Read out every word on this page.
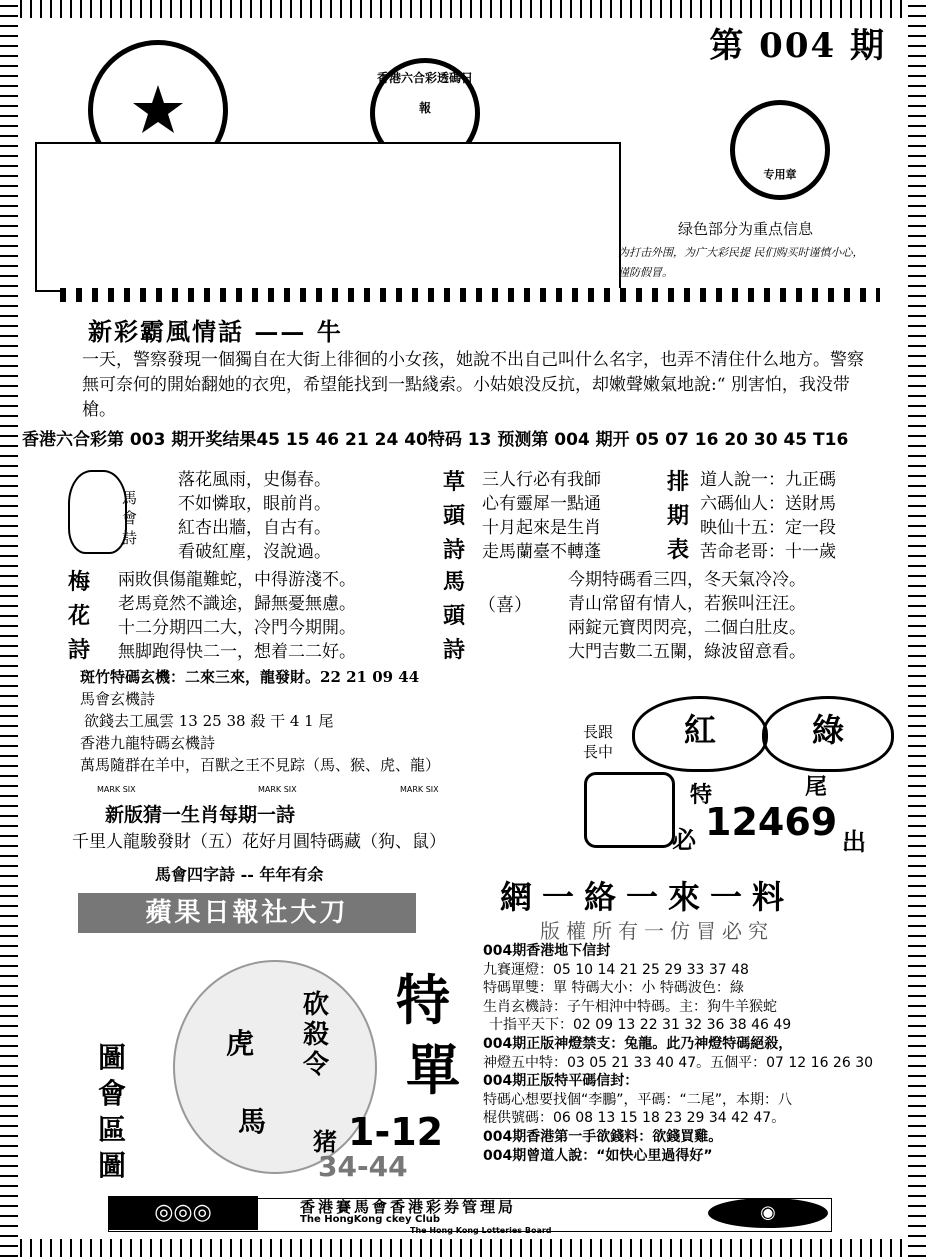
香港六合彩透碼日報
专用章
第 004 期
绿色部分为重点信息
为打击外围，为广大彩民提 民们购买时谨慎小心，谨防假冒。
新彩霸風情話 —— 牛
一天，警察發現一個獨自在大街上徘徊的小女孩，她說不出自己叫什么名字，也弄不清住什么地方。警察無可奈何的開始翻她的衣兜，希望能找到一點綫索。小姑娘没反抗，却嫩聲嫩氣地說:“ 別害怕，我没带槍。
香港六合彩第 003 期开奖结果45 15 46 21 24 40特码 13 预测第 004 期开 05 07 16 20 30 45 T16
馬
會
詩
落花風雨，史傷春。
不如憐取，眼前肖。
紅杏出牆，自古有。
看破紅塵，沒說過。
草
頭
詩
三人行必有我師
心有靈犀一點通
十月起來是生肖
走馬蘭臺不轉蓬
排
期
表
道人說一：九正碼
六碼仙人：送財馬
映仙十五：定一段
苦命老哥：十一歲
梅
花
詩
兩敗俱傷龍難蛇，中得游淺不。
老馬竟然不識途，歸無憂無慮。
十二分期四二大，冷門今期開。
無脚跑得快二一，想着二二好。
馬
頭
詩
（喜）
今期特碼看三四，冬天氣冷冷。
青山常留有情人，若猴叫汪汪。
兩錠元寶閃閃亮，二個白肚皮。
大門吉數二五闌，綠波留意看。
斑竹特碼玄機：二來三來，龍發財。22 21 09 44
馬會玄機詩
欲錢去工風雲 13 25 38 殺 干 4 1 尾
香港九龍特碼玄機詩
萬馬隨群在羊中，百獸之王不見踪（馬、猴、虎、龍）
MARK SIX	MARK SIX	MARK SIX
新版猜一生肖每期一詩
千里人龍駿發財（五）花好月圓特碼藏（狗、鼠）
馬會四字詩 -- 年年有余
蘋果日報社大刀
長跟
長中
紅	綠
特	尾
必 12469 出
網一絡一來一料
版權所有一仿冒必究
004期香港地下信封
九賽運燈：05 10 14 21 25 29 33 37 48
特碼單雙：單 特碼大小：小 特碼波色：綠
生肖玄機詩：子午相沖中特碼。主：狗牛羊猴蛇
十指平天下：02 09 13 22 31 32 36 38 46 49
004期正版神燈禁支：兔龍。此乃神燈特碼絕殺，
神燈五中特：03 05 21 33 40 47。五個平：07 12 16 26 30
004期正版特平碼信封：
特碼心想要找個“李鵬”，平碼：“二尾”，本期：八
棍供號碼：06 08 13 15 18 23 29 34 42 47。
004期香港第一手欲錢料：欲錢買雞。
004期曾道人說：“如快心里過得好”
圖
會
區
圖
虎
馬
砍殺令
特
單
猪 1-12
34-44
◎◎◎	香港賽馬會香港彩券管理局
The HongKong ckey Club
The Hong Kong Lotteries Board
◉
